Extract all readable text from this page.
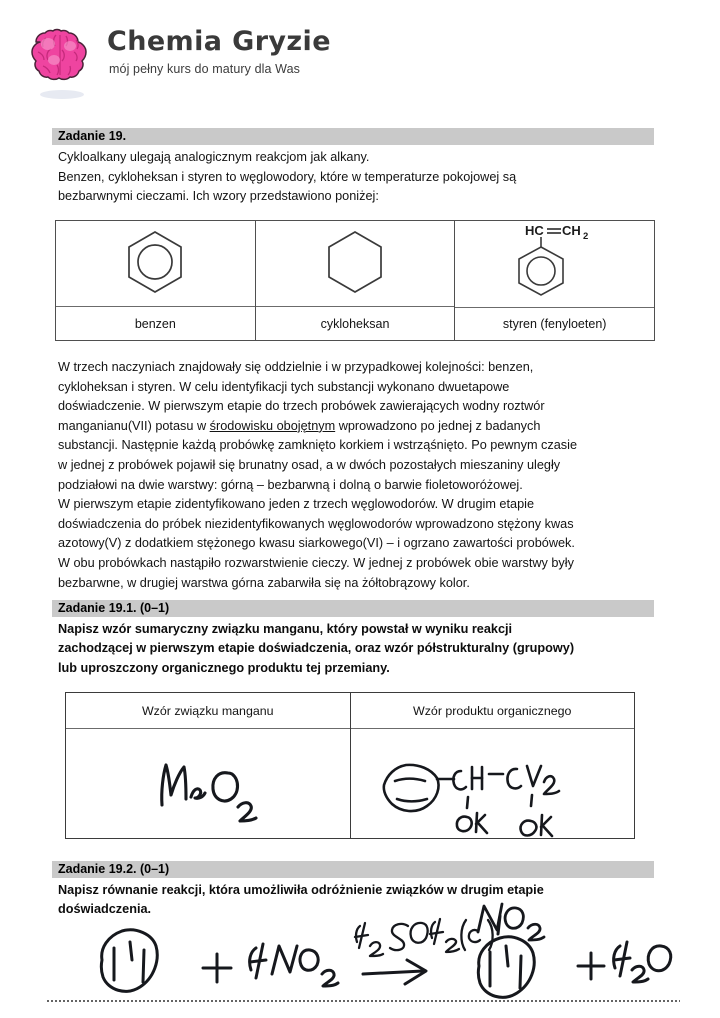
Chemia Gryzie
mój pełny kurs do matury dla Was
Zadanie 19.

Cykloalkany ulegają analogicznym reakcjom jak alkany.

Benzen, cykloheksan i styren to węglowodory, które w temperaturze pokojowej są

bezbarwnymi cieczami. Ich wzory przedstawiono poniżej:

benzen	cykloheksan
HC CH 2
styren (fenyloeten)

W trzech naczyniach znajdowały się oddzielnie i w przypadkowej kolejności: benzen,

cykloheksan i styren. W celu identyfikacji tych substancji wykonano dwuetapowe

doświadczenie. W pierwszym etapie do trzech probówek zawierających wodny roztwór

manganianu(VII) potasu w środowisku obojętnym wprowadzono po jednej z badanych

substancji. Następnie każdą probówkę zamknięto korkiem i wstrząśnięto. Po pewnym czasie

w jednej z probówek pojawił się brunatny osad, a w dwóch pozostałych mieszaniny uległy

podziałowi na dwie warstwy: górną – bezbarwną i dolną o barwie fioletoworóżowej.

W pierwszym etapie zidentyfikowano jeden z trzech węglowodorów. W drugim etapie

doświadczenia do próbek niezidentyfikowanych węglowodorów wprowadzono stężony kwas

azotowy(V) z dodatkiem stężonego kwasu siarkowego(VI) – i ogrzano zawartości probówek.

W obu probówkach nastąpiło rozwarstwienie cieczy. W jednej z probówek obie warstwy były

bezbarwne, w drugiej warstwa górna zabarwiła się na żółtobrązowy kolor.

Zadanie 19.1. (0–1)

Napisz wzór sumaryczny związku manganu, który powstał w wyniku reakcji

zachodzącej w pierwszym etapie doświadczenia, oraz wzór półstrukturalny (grupowy)

lub uproszczony organicznego produktu tej przemiany.

Wzór związku manganu	Wzór produktu organicznego
Zadanie 19.2. (0–1)

Napisz równanie reakcji, która umożliwiła odróżnienie związków w drugim etapie

doświadczenia.
